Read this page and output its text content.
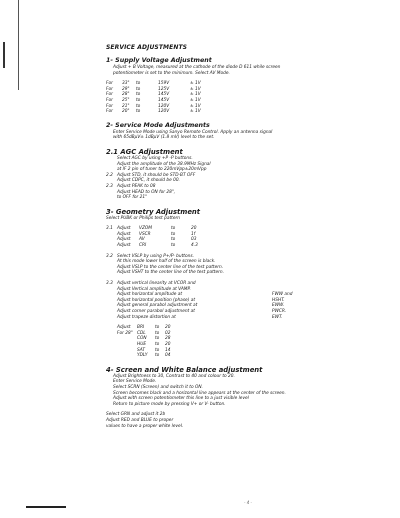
SERVICE ADJUSTMENTS
1- Supply Voltage Adjustment
Adjust + B Voltage, measured at the cathode of the diode D 611 while screen
potentiometer is set to the minimum. Select AV Mode.
For	33"	to	159V	± 1V
For	29"	to	125V	± 1V
For	28"	to	145V	± 1V
For	25"	to	145V	± 1V
For	21"	to	120V	± 1V
For	20"	to	120V	± 1V
2- Service Mode Adjustments
Enter Service Mode using Sanyo Remote Control. Apply an antenna signal
with 65dBμV± 1dBμV (1.8 mV) level to the set.
2.1 AGC Adjustment
Select AGC by using +P -P buttons.
Adjust the amplitude of the 38.9MHz Signal
at IF 2 pin of tuner to 220mVpp±20mVpp
2.2 Adjust STD, it should be STD-BT OFF
Adjust CDPC, it should be 00.
2.3 Adjust PEAK to 08
Adjust HEAD to ON for 28",
to OFF for 21"
3- Geometry Adjustment
Select PUBK or Philips test pattern
3.1 Adjust	VZOM	to	20
Adjust	VSCR	to	1f
Adjust	AV	to	03
Adjust	CRI	to	4.3
3.2 Select VSLP by using P+/P- buttons.
At this mode lower half of the screen is black.
Adjust VSLP to the center line of the test pattern.
Adjust VSHT to the center line of the test pattern.
3.3 Adjust vertical linearity at VCOR and
Adjust Vertical amplitude at VAMP.
Adjust horizontal amplitude at	FWW and
Adjust horizontal position (phase) at	HSHT.
Adjust general parabol adjustment at	EWW.
Adjust corner parabol adjustment at	PWCR.
Adjust trapeze distortion at	EWT.
Adjust	BRI	to	20
For 28"	CDL	to	02
	CON	to	28
	HUE	to	20
	SAT	to	14
	YDLY	to	04
4- Screen and White Balance adjustment
Adjust Brightness to 30, Contrast to 40 and colour to 20.
Enter Service Mode.
Select SCRN (Screen) and switch it to ON.
Screen becomes black and a horizontal line appears at the center of the screen.
Adjust with screen potentiometer this line to a just visible level
Return to picture mode by pressing V+ or V- button.
Select GRN and adjust it 2b
Adjust RED and BLUE to proper
values to have a proper white level.
- 4 -
